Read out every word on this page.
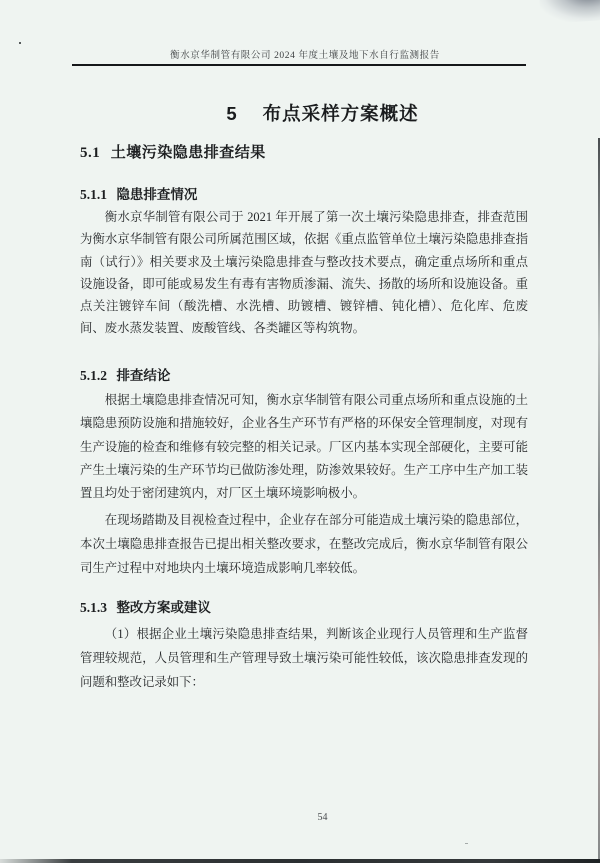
衡水京华制管有限公司 2024 年度土壤及地下水自行监测报告
5 布点采样方案概述
5.1 土壤污染隐患排查结果
5.1.1 隐患排查情况

衡水京华制管有限公司于 2021 年开展了第一次土壤污染隐患排查，排查范围为衡水京华制管有限公司所属范围区域，依据《重点监管单位土壤污染隐患排查指南（试行）》相关要求及土壤污染隐患排查与整改技术要点，确定重点场所和重点设施设备，即可能或易发生有毒有害物质渗漏、流失、扬散的场所和设施设备。重点关注镀锌车间（酸洗槽、水洗槽、助镀槽、镀锌槽、钝化槽）、危化库、危废间、废水蒸发装置、废酸管线、各类罐区等构筑物。

5.1.2 排查结论

根据土壤隐患排查情况可知，衡水京华制管有限公司重点场所和重点设施的土壤隐患预防设施和措施较好，企业各生产环节有严格的环保安全管理制度，对现有生产设施的检查和维修有较完整的相关记录。厂区内基本实现全部硬化，主要可能产生土壤污染的生产环节均已做防渗处理，防渗效果较好。生产工序中生产加工装置且均处于密闭建筑内，对厂区土壤环境影响极小。

在现场踏勘及目视检查过程中，企业存在部分可能造成土壤污染的隐患部位，本次土壤隐患排查报告已提出相关整改要求，在整改完成后，衡水京华制管有限公司生产过程中对地块内土壤环境造成影响几率较低。

5.1.3 整改方案或建议

（1）根据企业土壤污染隐患排查结果，判断该企业现行人员管理和生产监督管理较规范，人员管理和生产管理导致土壤污染可能性较低，该次隐患排查发现的问题和整改记录如下：

54
